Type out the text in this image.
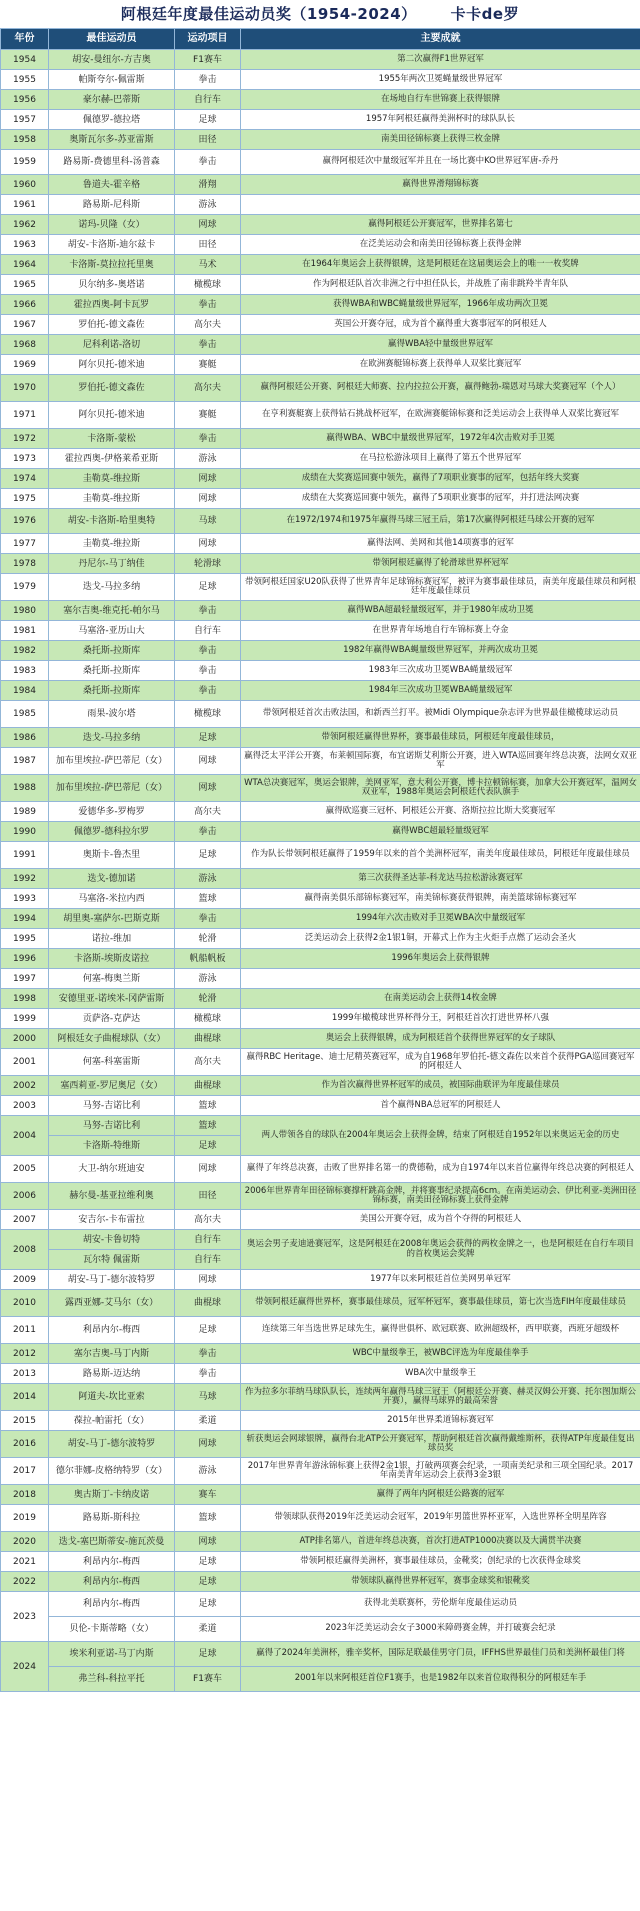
阿根廷年度最佳运动员奖（1954-2024） 卡卡de罗
年份	最佳运动员	运动项目	主要成就
1954	胡安-曼纽尔-方吉奥	F1赛车	第二次赢得F1世界冠军
1955	帕斯夸尔-佩雷斯	拳击	1955年两次卫冕蝇量级世界冠军
1956	豪尔赫-巴蒂斯	自行车	在场地自行车世锦赛上获得银牌
1957	佩德罗-德拉塔	足球	1957年阿根廷赢得美洲杯时的球队队长
1958	奥斯瓦尔多-苏亚雷斯	田径	南美田径锦标赛上获得三枚金牌
1959	路易斯-费德里科-汤普森	拳击	赢得阿根廷次中量级冠军并且在一场比赛中KO世界冠军唐-乔丹
1960	鲁道夫-霍辛格	滑翔	赢得世界滑翔锦标赛
1961	路易斯-尼科斯	游泳	
1962	诺玛-贝隆（女）	网球	赢得阿根廷公开赛冠军，世界排名第七
1963	胡安-卡洛斯-迪尔兹卡	田径	在泛美运动会和南美田径锦标赛上获得金牌
1964	卡洛斯-莫拉拉托里奥	马术	在1964年奥运会上获得银牌，这是阿根廷在这届奥运会上的唯一一枚奖牌
1965	贝尔纳多-奥塔诺	橄榄球	作为阿根廷队首次非洲之行中担任队长，并战胜了南非跳羚半青年队
1966	霍拉西奥-阿卡瓦罗	拳击	获得WBA和WBC蝇量级世界冠军，1966年成功两次卫冕
1967	罗伯托-德文森佐	高尔夫	英国公开赛夺冠，成为首个赢得重大赛事冠军的阿根廷人
1968	尼科利诺-洛切	拳击	赢得WBA轻中量级世界冠军
1969	阿尔贝托-德米迪	赛艇	在欧洲赛艇锦标赛上获得单人双桨比赛冠军
1970	罗伯托-德文森佐	高尔夫	赢得阿根廷公开赛、阿根廷大师赛、拉内拉拉公开赛，赢得鲍勃-瑞恩对马球大奖赛冠军（个人）
1971	阿尔贝托-德米迪	赛艇	在亨利赛艇赛上获得钻石挑战杯冠军，在欧洲赛艇锦标赛和泛美运动会上获得单人双桨比赛冠军
1972	卡洛斯-蒙松	拳击	赢得WBA、WBC中量级世界冠军，1972年4次击败对手卫冕
1973	霍拉西奥-伊格莱希亚斯	游泳	在马拉松游泳项目上赢得了第五个世界冠军
1974	圭勒莫-维拉斯	网球	成绩在大奖赛巡回赛中领先，赢得了7项职业赛事的冠军，包括年终大奖赛
1975	圭勒莫-维拉斯	网球	成绩在大奖赛巡回赛中领先，赢得了5项职业赛事的冠军，并打进法网决赛
1976	胡安-卡洛斯-哈里奥特	马球	在1972/1974和1975年赢得马球三冠王后，第17次赢得阿根廷马球公开赛的冠军
1977	圭勒莫-维拉斯	网球	赢得法网、美网和其他14项赛事的冠军
1978	丹尼尔-马丁纳佳	轮滑球	带领阿根廷赢得了轮滑球世界杯冠军
1979	迭戈-马拉多纳	足球	带领阿根廷国家U20队获得了世界青年足球锦标赛冠军，被评为赛事最佳球员，南美年度最佳球员和阿根廷年度最佳球员
1980	塞尔吉奥-维克托-帕尔马	拳击	赢得WBA超最轻量级冠军，并于1980年成功卫冕
1981	马塞洛-亚历山大	自行车	在世界青年场地自行车锦标赛上夺金
1982	桑托斯-拉斯库	拳击	1982年赢得WBA蝇量级世界冠军，并两次成功卫冕
1983	桑托斯-拉斯库	拳击	1983年三次成功卫冕WBA蝇量级冠军
1984	桑托斯-拉斯库	拳击	1984年三次成功卫冕WBA蝇量级冠军
1985	雨果-波尔塔	橄榄球	带领阿根廷首次击败法国，和新西兰打平。被Midi Olympique杂志评为世界最佳橄榄球运动员
1986	迭戈-马拉多纳	足球	带领阿根廷赢得世界杯，赛事最佳球员，阿根廷年度最佳球员，
1987	加布里埃拉-萨巴蒂尼（女）	网球	赢得泛太平洋公开赛，布莱顿国际赛，布宜诺斯艾利斯公开赛，进入WTA巡回赛年终总决赛，法网女双亚军
1988	加布里埃拉-萨巴蒂尼（女）	网球	WTA总决赛冠军，奥运会银牌，美网亚军，意大利公开赛，博卡拉顿锦标赛，加拿大公开赛冠军，温网女双亚军，1988年奥运会阿根廷代表队旗手
1989	爱德华多-罗梅罗	高尔夫	赢得欧巡赛三冠杯、阿根廷公开赛、洛斯拉拉比斯大奖赛冠军
1990	佩德罗-德科拉尔罗	拳击	赢得WBC超最轻量级冠军
1991	奥斯卡-鲁杰里	足球	作为队长带领阿根廷赢得了1959年以来的首个美洲杯冠军，南美年度最佳球员，阿根廷年度最佳球员
1992	迭戈-德加诺	游泳	第三次获得圣达菲-科龙达马拉松游泳赛冠军
1993	马塞洛-米拉内西	篮球	赢得南美俱乐部锦标赛冠军，南美锦标赛获得银牌，南美篮球锦标赛冠军
1994	胡里奥-塞萨尔-巴斯克斯	拳击	1994年六次击败对手卫冕WBA次中量级冠军
1995	诺拉-维加	轮滑	泛美运动会上获得2金1银1铜，开幕式上作为主火炬手点燃了运动会圣火
1996	卡洛斯-埃斯皮诺拉	帆船帆板	1996年奥运会上获得银牌
1997	何塞-梅奥兰斯	游泳	
1998	安德里亚-诺埃米-冈萨雷斯	轮滑	在南美运动会上获得14枚金牌
1999	贡萨洛-克萨达	橄榄球	1999年橄榄球世界杯得分王，阿根廷首次打进世界杯八强
2000	阿根廷女子曲棍球队（女）	曲棍球	奥运会上获得银牌，成为阿根廷首个获得世界冠军的女子球队
2001	何塞-科塞雷斯	高尔夫	赢得RBC Heritage、迪士尼精英赛冠军，成为自1968年罗伯托-德文森佐以来首个获得PGA巡回赛冠军的阿根廷人
2002	塞西莉亚-罗尼奥尼（女）	曲棍球	作为首次赢得世界杯冠军的成员，被国际曲联评为年度最佳球员
2003	马努-吉诺比利	篮球	首个赢得NBA总冠军的阿根廷人
2004	马努-吉诺比利	篮球	两人带领各自的球队在2004年奥运会上获得金牌，结束了阿根廷自1952年以来奥运无金的历史
	卡洛斯-特维斯	足球	
2005	大卫-纳尔班迪安	网球	赢得了年终总决赛，击败了世界排名第一的费德勒，成为自1974年以来首位赢得年终总决赛的阿根廷人
2006	赫尔曼-基亚拉维利奥	田径	2006年世界青年田径锦标赛撑杆跳高金牌，并将赛事纪录提高6cm。在南美运动会、伊比利亚-美洲田径锦标赛，南美田径锦标赛上获得金牌
2007	安吉尔-卡布雷拉	高尔夫	美国公开赛夺冠，成为首个夺得的阿根廷人
2008	胡安-卡鲁切特	自行车	奥运会男子麦迪逊赛冠军，这是阿根廷在2008年奥运会获得的两枚金牌之一，也是阿根廷在自行车项目的首枚奥运会奖牌
	瓦尔特 佩雷斯	自行车	
2009	胡安-马丁-德尔波特罗	网球	1977年以来阿根廷首位美网男单冠军
2010	露西亚娜-艾马尔（女）	曲棍球	带领阿根廷赢得世界杯，赛事最佳球员，冠军杯冠军，赛事最佳球员，第七次当选FIH年度最佳球员
2011	利昂内尔-梅西	足球	连续第三年当选世界足球先生，赢得世俱杯、欧冠联赛、欧洲超级杯，西甲联赛，西班牙超级杯
2012	塞尔吉奥-马丁内斯	拳击	WBC中量级拳王，被WBC评选为年度最佳拳手
2013	路易斯-迈达纳	拳击	WBA次中量级拳王
2014	阿道夫-坎比亚索	马球	作为拉多尔菲纳马球队队长，连续两年赢得马球三冠王（阿根廷公开赛、赫灵汉姆公开赛、托尔图加斯公开赛），赢得马球界的最高荣誉
2015	葆拉-帕雷托（女）	柔道	2015年世界柔道锦标赛冠军
2016	胡安-马丁-德尔波特罗	网球	斩获奥运会网球银牌，赢得台北ATP公开赛冠军，帮助阿根廷首次赢得戴维斯杯，获得ATP年度最佳复出球员奖
2017	德尔菲娜-皮格纳特罗（女）	游泳	2017年世界青年游泳锦标赛上获得2金1银，打破两项赛会纪录，一项南美纪录和三项全国纪录。2017年南美青年运动会上获得3金3银
2018	奥古斯丁-卡纳皮诺	赛车	赢得了两年内阿根廷公路赛的冠军
2019	路易斯-斯科拉	篮球	带领球队获得2019年泛美运动会冠军，2019年男篮世界杯亚军，入选世界杯全明星阵容
2020	迭戈-塞巴斯蒂安-施瓦茨曼	网球	ATP排名第八，首进年终总决赛，首次打进ATP1000决赛以及大满贯半决赛
2021	利昂内尔-梅西	足球	带领阿根廷赢得美洲杯，赛事最佳球员，金靴奖；创纪录的七次获得金球奖
2022	利昂内尔-梅西	足球	带领球队赢得世界杯冠军，赛事金球奖和银靴奖
2023	利昂内尔-梅西	足球	获得北美联赛杯，劳伦斯年度最佳运动员
	贝伦-卡斯蒂略（女）	柔道	2023年泛美运动会女子3000米障碍赛金牌，并打破赛会纪录
2024	埃米利亚诺-马丁内斯	足球	赢得了2024年美洲杯，雅辛奖杯，国际足联最佳男守门员，IFFHS世界最佳门员和美洲杯最佳门将
	弗兰科-科拉平托	F1赛车	2001年以来阿根廷首位F1赛手，也是1982年以来首位取得积分的阿根廷车手
